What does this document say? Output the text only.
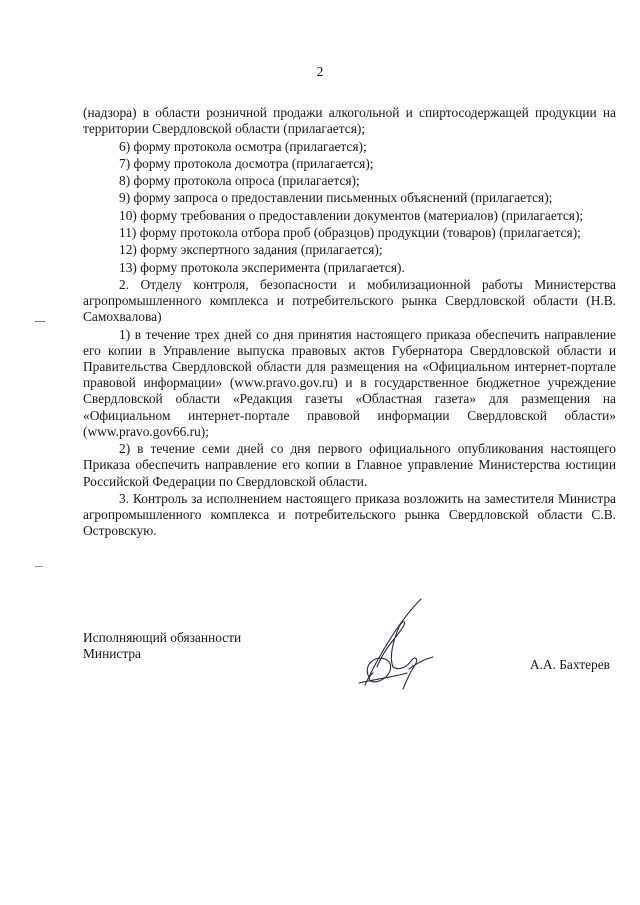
2

(надзора) в области розничной продажи алкогольной и спиртосодержащей продукции на территории Свердловской области (прилагается);

6) форму протокола осмотра (прилагается);

7) форму протокола досмотра (прилагается);

8) форму протокола опроса (прилагается);

9) форму запроса о предоставлении письменных объяснений (прилагается);

10) форму требования о предоставлении документов (материалов) (прилагается);

11) форму протокола отбора проб (образцов) продукции (товаров) (прилагается);

12) форму экспертного задания (прилагается);

13) форму протокола эксперимента (прилагается).

2. Отделу контроля, безопасности и мобилизационной работы Министерства агропромышленного комплекса и потребительского рынка Свердловской области (Н.В. Самохвалова)

1) в течение трех дней со дня принятия настоящего приказа обеспечить направление его копии в Управление выпуска правовых актов Губернатора Свердловской области и Правительства Свердловской области для размещения на «Официальном интернет-портале правовой информации» (www.pravo.gov.ru) и в государственное бюджетное учреждение Свердловской области «Редакция газеты «Областная газета» для размещения на «Официальном интернет-портале правовой информации Свердловской области» (www.pravo.gov66.ru);

2) в течение семи дней со дня первого официального опубликования настоящего Приказа обеспечить направление его копии в Главное управление Министерства юстиции Российской Федерации по Свердловской области.

3. Контроль за исполнением настоящего приказа возложить на заместителя Министра агропромышленного комплекса и потребительского рынка Свердловской области С.В. Островскую.

Исполняющий обязанности
Министра
А.А. Бахтерев
